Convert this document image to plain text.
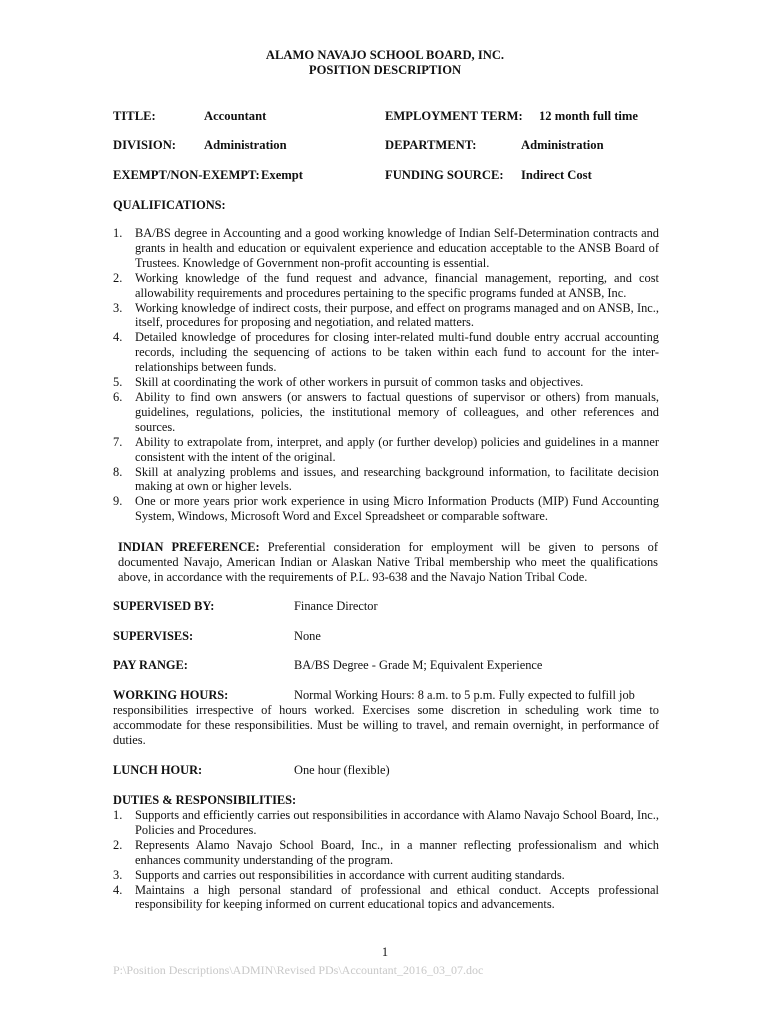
ALAMO NAVAJO SCHOOL BOARD, INC.
POSITION DESCRIPTION
TITLE:	Accountant	EMPLOYMENT TERM: 12 month full time
DIVISION: Administration	DEPARTMENT:	Administration
EXEMPT/NON-EXEMPT: Exempt	FUNDING SOURCE: Indirect Cost
QUALIFICATIONS:
1. BA/BS degree in Accounting and a good working knowledge of Indian Self-Determination contracts and grants in health and education or equivalent experience and education acceptable to the ANSB Board of Trustees. Knowledge of Government non-profit accounting is essential.
2. Working knowledge of the fund request and advance, financial management, reporting, and cost allowability requirements and procedures pertaining to the specific programs funded at ANSB, Inc.
3. Working knowledge of indirect costs, their purpose, and effect on programs managed and on ANSB, Inc., itself, procedures for proposing and negotiation, and related matters.
4. Detailed knowledge of procedures for closing inter-related multi-fund double entry accrual accounting records, including the sequencing of actions to be taken within each fund to account for the inter-relationships between funds.
5. Skill at coordinating the work of other workers in pursuit of common tasks and objectives.
6. Ability to find own answers (or answers to factual questions of supervisor or others) from manuals, guidelines, regulations, policies, the institutional memory of colleagues, and other references and sources.
7. Ability to extrapolate from, interpret, and apply (or further develop) policies and guidelines in a manner consistent with the intent of the original.
8. Skill at analyzing problems and issues, and researching background information, to facilitate decision making at own or higher levels.
9. One or more years prior work experience in using Micro Information Products (MIP) Fund Accounting System, Windows, Microsoft Word and Excel Spreadsheet or comparable software.
INDIAN PREFERENCE: Preferential consideration for employment will be given to persons of documented Navajo, American Indian or Alaskan Native Tribal membership who meet the qualifications above, in accordance with the requirements of P.L. 93-638 and the Navajo Nation Tribal Code.
SUPERVISED BY:	Finance Director
SUPERVISES:	None
PAY RANGE:	BA/BS Degree - Grade M; Equivalent Experience
WORKING HOURS:	Normal Working Hours: 8 a.m. to 5 p.m. Fully expected to fulfill job
responsibilities irrespective of hours worked. Exercises some discretion in scheduling work time to accommodate for these responsibilities. Must be willing to travel, and remain overnight, in performance of duties.
LUNCH HOUR:	One hour (flexible)
DUTIES & RESPONSIBILITIES:
1. Supports and efficiently carries out responsibilities in accordance with Alamo Navajo School Board, Inc., Policies and Procedures.
2. Represents Alamo Navajo School Board, Inc., in a manner reflecting professionalism and which enhances community understanding of the program.
3. Supports and carries out responsibilities in accordance with current auditing standards.
4. Maintains a high personal standard of professional and ethical conduct. Accepts professional responsibility for keeping informed on current educational topics and advancements.
1
P:\Position Descriptions\ADMIN\Revised PDs\Accountant_2016_03_07.doc
